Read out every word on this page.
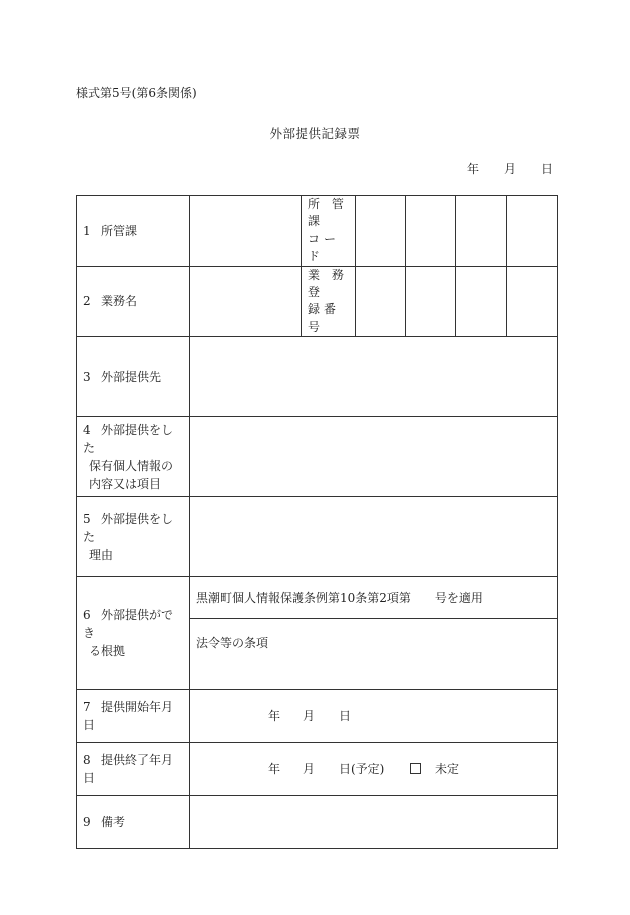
様式第5号(第6条関係)
外部提供記録票
年 月 日
1 所管課		所 管 課
コード				

2 業務名		業 務 登
録番号				

3 外部提供先						

4 外部提供をした
保有個人情報の
内容又は項目						

5 外部提供をした
理由						

6 外部提供ができ
る根拠	黒潮町個人情報保護条例第10条第2項第　　号を適用					
	法令等の条項					
7 提供開始年月日	年 月 日					

8 提供終了年月日	年 月 日(予定) 未定					

9 備考						
